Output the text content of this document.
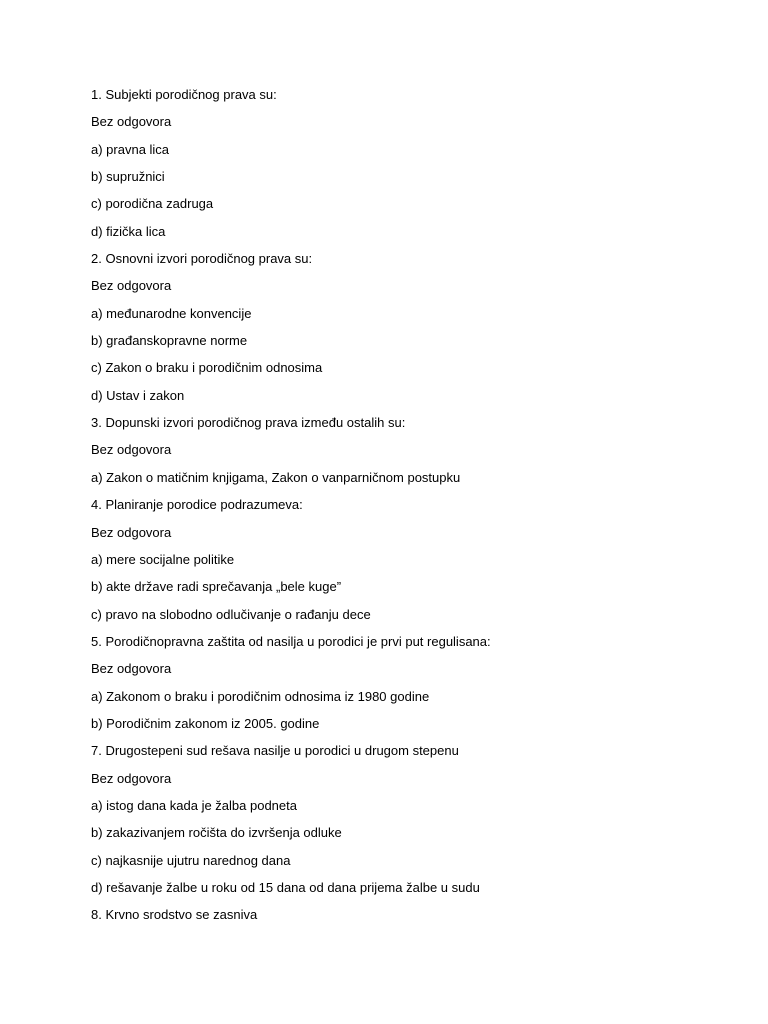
1. Subjekti porodičnog prava su:
Bez odgovora
a) pravna lica
b) supružnici
c) porodična zadruga
d) fizička lica
2. Osnovni izvori porodičnog prava su:
Bez odgovora
a) međunarodne konvencije
b) građanskopravne norme
c) Zakon o braku i porodičnim odnosima
d) Ustav i zakon
3. Dopunski izvori porodičnog prava između ostalih su:
Bez odgovora
a) Zakon o matičnim knjigama, Zakon o vanparničnom postupku
4. Planiranje porodice podrazumeva:
Bez odgovora
a) mere socijalne politike
b) akte države radi sprečavanja „bele kuge”
c) pravo na slobodno odlučivanje o rađanju dece
5. Porodičnopravna zaštita od nasilja u porodici je prvi put regulisana:
Bez odgovora
a) Zakonom o braku i porodičnim odnosima iz 1980 godine
b) Porodičnim zakonom iz 2005. godine
7. Drugostepeni sud rešava nasilje u porodici u drugom stepenu
Bez odgovora
a) istog dana kada je žalba podneta
b) zakazivanjem ročišta do izvršenja odluke
c) najkasnije ujutru narednog dana
d) rešavanje žalbe u roku od 15 dana od dana prijema žalbe u sudu
8. Krvno srodstvo se zasniva
